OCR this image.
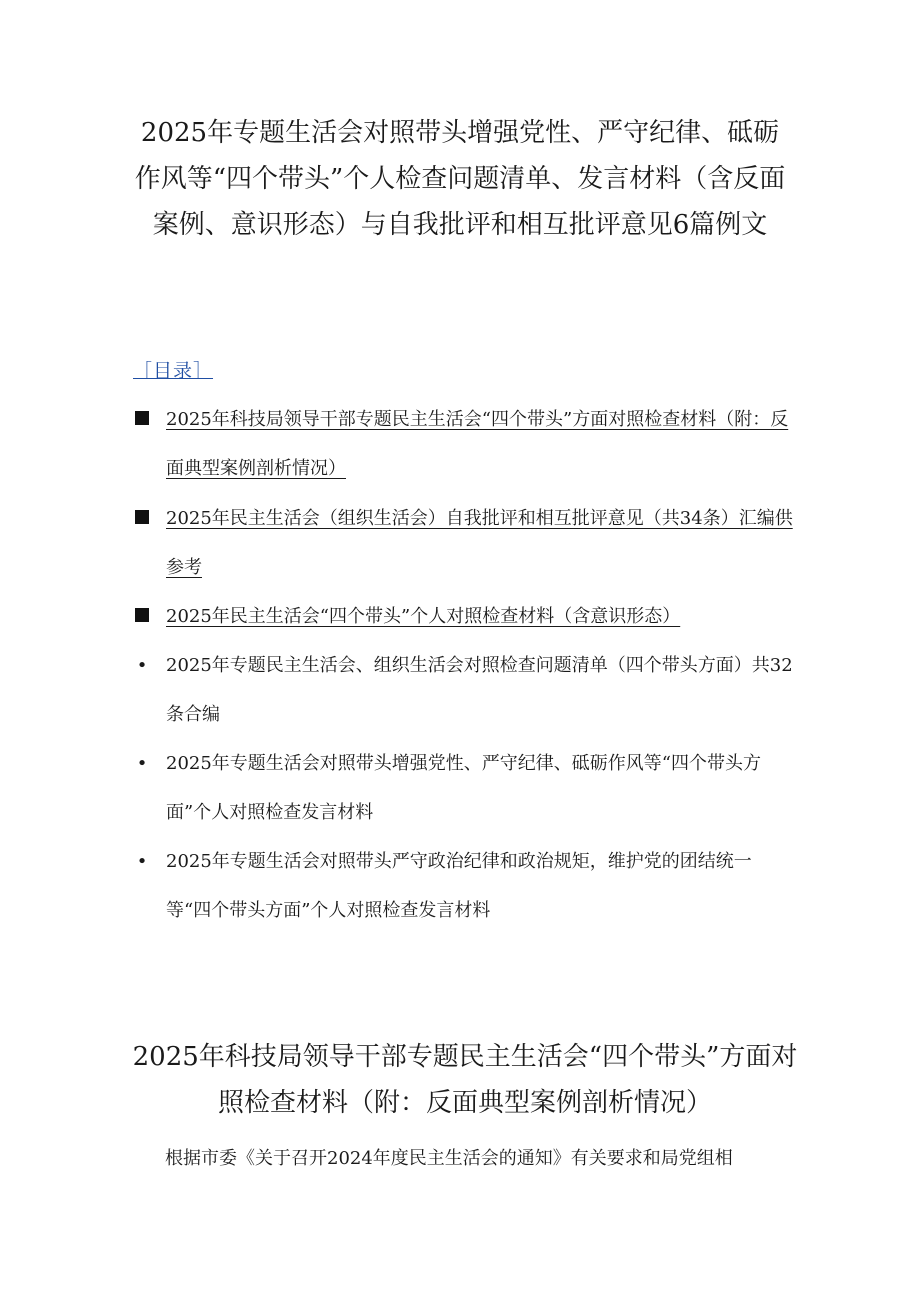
2025年专题生活会对照带头增强党性、严守纪律、砥砺作风等“四个带头”个人检查问题清单、发言材料（含反面案例、意识形态）与自我批评和相互批评意见6篇例文
［目录］
2025年科技局领导干部专题民主生活会“四个带头”方面对照检查材料（附：反面典型案例剖析情况）
2025年民主生活会（组织生活会）自我批评和相互批评意见（共34条）汇编供参考
2025年民主生活会“四个带头”个人对照检查材料（含意识形态）
•	2025年专题民主生活会、组织生活会对照检查问题清单（四个带头方面）共32条合编
•	2025年专题生活会对照带头增强党性、严守纪律、砥砺作风等“四个带头方面”个人对照检查发言材料
•	2025年专题生活会对照带头严守政治纪律和政治规矩，维护党的团结统一等“四个带头方面”个人对照检查发言材料
2025年科技局领导干部专题民主生活会“四个带头”方面对照检查材料（附：反面典型案例剖析情况）

根据市委《关于召开2024年度民主生活会的通知》有关要求和局党组相
